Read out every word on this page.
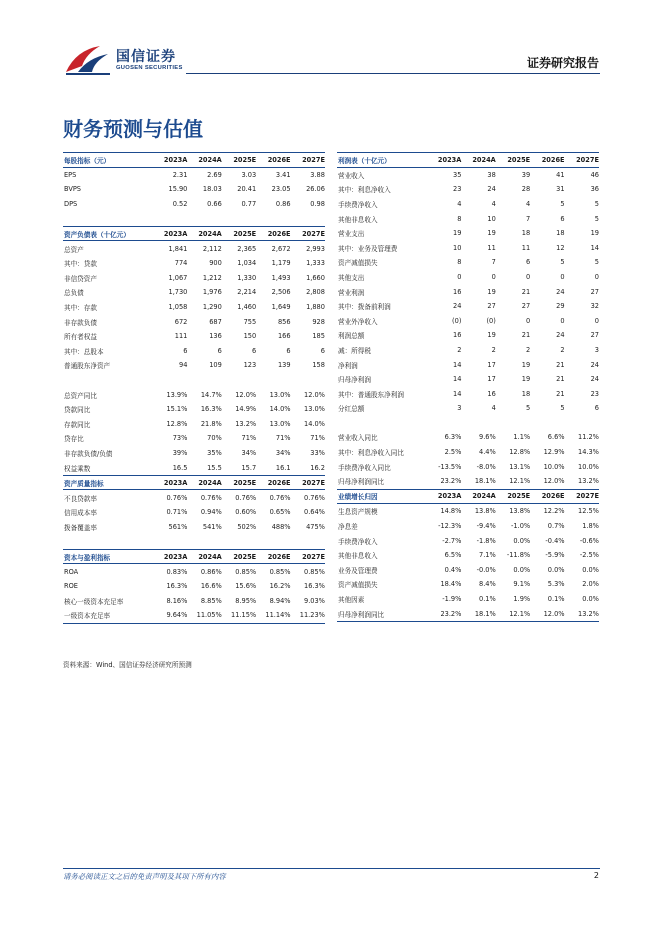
国信证券
GUOSEN SECURITIES	证券研究报告
财务预测与估值
每股指标（元）	2023A	2024A	2025E	2026E	2027E
EPS	2.31	2.69	3.03	3.41	3.88
BVPS	15.90	18.03	20.41	23.05	26.06
DPS	0.52	0.66	0.77	0.86	0.98
资产负债表（十亿元）	2023A	2024A	2025E	2026E	2027E
总资产	1,841	2,112	2,365	2,672	2,993
其中：贷款	774	900	1,034	1,179	1,333
非信贷资产	1,067	1,212	1,330	1,493	1,660
总负债	1,730	1,976	2,214	2,506	2,808
其中：存款	1,058	1,290	1,460	1,649	1,880
非存款负债	672	687	755	856	928
所有者权益	111	136	150	166	185
其中：总股本	6	6	6	6	6
普通股东净资产	94	109	123	139	158
总资产同比	13.9%	14.7%	12.0%	13.0%	12.0%
贷款同比	15.1%	16.3%	14.9%	14.0%	13.0%
存款同比	12.8%	21.8%	13.2%	13.0%	14.0%
贷存比	73%	70%	71%	71%	71%
非存款负债/负债	39%	35%	34%	34%	33%
权益乘数	16.5	15.5	15.7	16.1	16.2
资产质量指标	2023A	2024A	2025E	2026E	2027E
不良贷款率	0.76%	0.76%	0.76%	0.76%	0.76%
信用成本率	0.71%	0.94%	0.60%	0.65%	0.64%
拨备覆盖率	561%	541%	502%	488%	475%
资本与盈利指标	2023A	2024A	2025E	2026E	2027E
ROA	0.83%	0.86%	0.85%	0.85%	0.85%
ROE	16.3%	16.6%	15.6%	16.2%	16.3%
核心一级资本充足率	8.16%	8.85%	8.95%	8.94%	9.03%
一级资本充足率	9.64%	11.05%	11.15%	11.14%	11.23%
利润表（十亿元）	2023A	2024A	2025E	2026E	2027E
营业收入	35	38	39	41	46
其中：利息净收入	23	24	28	31	36
手续费净收入	4	4	4	5	5
其他非息收入	8	10	7	6	5
营业支出	19	19	18	18	19
其中：业务及管理费	10	11	11	12	14
资产减值损失	8	7	6	5	5
其他支出	0	0	0	0	0
营业利润	16	19	21	24	27
其中：拨备前利润	24	27	27	29	32
营业外净收入	(0)	(0)	0	0	0
利润总额	16	19	21	24	27
减：所得税	2	2	2	2	3
净利润	14	17	19	21	24
归母净利润	14	17	19	21	24
其中：普通股东净利润	14	16	18	21	23
分红总额	3	4	5	5	6
营业收入同比	6.3%	9.6%	1.1%	6.6%	11.2%
其中：利息净收入同比	2.5%	4.4%	12.8%	12.9%	14.3%
手续费净收入同比	-13.5%	-8.0%	13.1%	10.0%	10.0%
归母净利润同比	23.2%	18.1%	12.1%	12.0%	13.2%
业绩增长归因	2023A	2024A	2025E	2026E	2027E
生息资产规模	14.8%	13.8%	13.8%	12.2%	12.5%
净息差	-12.3%	-9.4%	-1.0%	0.7%	1.8%
手续费净收入	-2.7%	-1.8%	0.0%	-0.4%	-0.6%
其他非息收入	6.5%	7.1%	-11.8%	-5.9%	-2.5%
业务及管理费	0.4%	-0.0%	0.0%	0.0%	0.0%
资产减值损失	18.4%	8.4%	9.1%	5.3%	2.0%
其他因素	-1.9%	0.1%	1.9%	0.1%	0.0%
归母净利润同比	23.2%	18.1%	12.1%	12.0%	13.2%
资料来源：Wind、国信证券经济研究所预测
请务必阅读正文之后的免责声明及其项下所有内容	2
